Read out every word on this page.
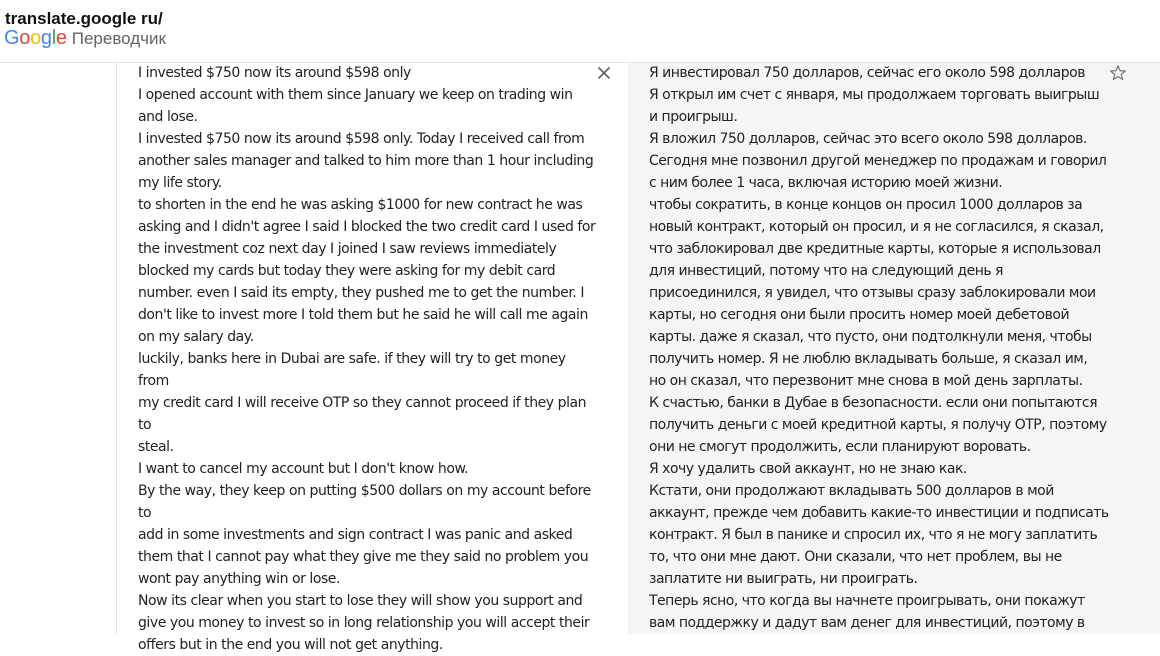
translate.google ru/
Google Переводчик
I invested $750 now its around $598 only
I opened account with them since January we keep on trading win
and lose.
I invested $750 now its around $598 only. Today I received call from
another sales manager and talked to him more than 1 hour including
my life story.
to shorten in the end he was asking $1000 for new contract he was
asking and I didn't agree I said I blocked the two credit card I used for
the investment coz next day I joined I saw reviews immediately
blocked my cards but today they were asking for my debit card
number. even I said its empty, they pushed me to get the number. I
don't like to invest more I told them but he said he will call me again
on my salary day.
luckily, banks here in Dubai are safe. if they will try to get money from
my credit card I will receive OTP so they cannot proceed if they plan to
steal.
I want to cancel my account but I don't know how.
By the way, they keep on putting $500 dollars on my account before to
add in some investments and sign contract I was panic and asked
them that I cannot pay what they give me they said no problem you
wont pay anything win or lose.
Now its clear when you start to lose they will show you support and
give you money to invest so in long relationship you will accept their
offers but in the end you will not get anything.
Я инвестировал 750 долларов, сейчас его около 598 долларов
Я открыл им счет с января, мы продолжаем торговать выигрыш
и проигрыш.
Я вложил 750 долларов, сейчас это всего около 598 долларов.
Сегодня мне позвонил другой менеджер по продажам и говорил
с ним более 1 часа, включая историю моей жизни.
чтобы сократить, в конце концов он просил 1000 долларов за
новый контракт, который он просил, и я не согласился, я сказал,
что заблокировал две кредитные карты, которые я использовал
для инвестиций, потому что на следующий день я
присоединился, я увидел, что отзывы сразу заблокировали мои
карты, но сегодня они были просить номер моей дебетовой
карты. даже я сказал, что пусто, они подтолкнули меня, чтобы
получить номер. Я не люблю вкладывать больше, я сказал им,
но он сказал, что перезвонит мне снова в мой день зарплаты.
К счастью, банки в Дубае в безопасности. если они попытаются
получить деньги с моей кредитной карты, я получу OTP, поэтому
они не смогут продолжить, если планируют воровать.
Я хочу удалить свой аккаунт, но не знаю как.
Кстати, они продолжают вкладывать 500 долларов в мой
аккаунт, прежде чем добавить какие-то инвестиции и подписать
контракт. Я был в панике и спросил их, что я не могу заплатить
то, что они мне дают. Они сказали, что нет проблем, вы не
заплатите ни выиграть, ни проиграть.
Теперь ясно, что когда вы начнете проигрывать, они покажут
вам поддержку и дадут вам денег для инвестиций, поэтому в
